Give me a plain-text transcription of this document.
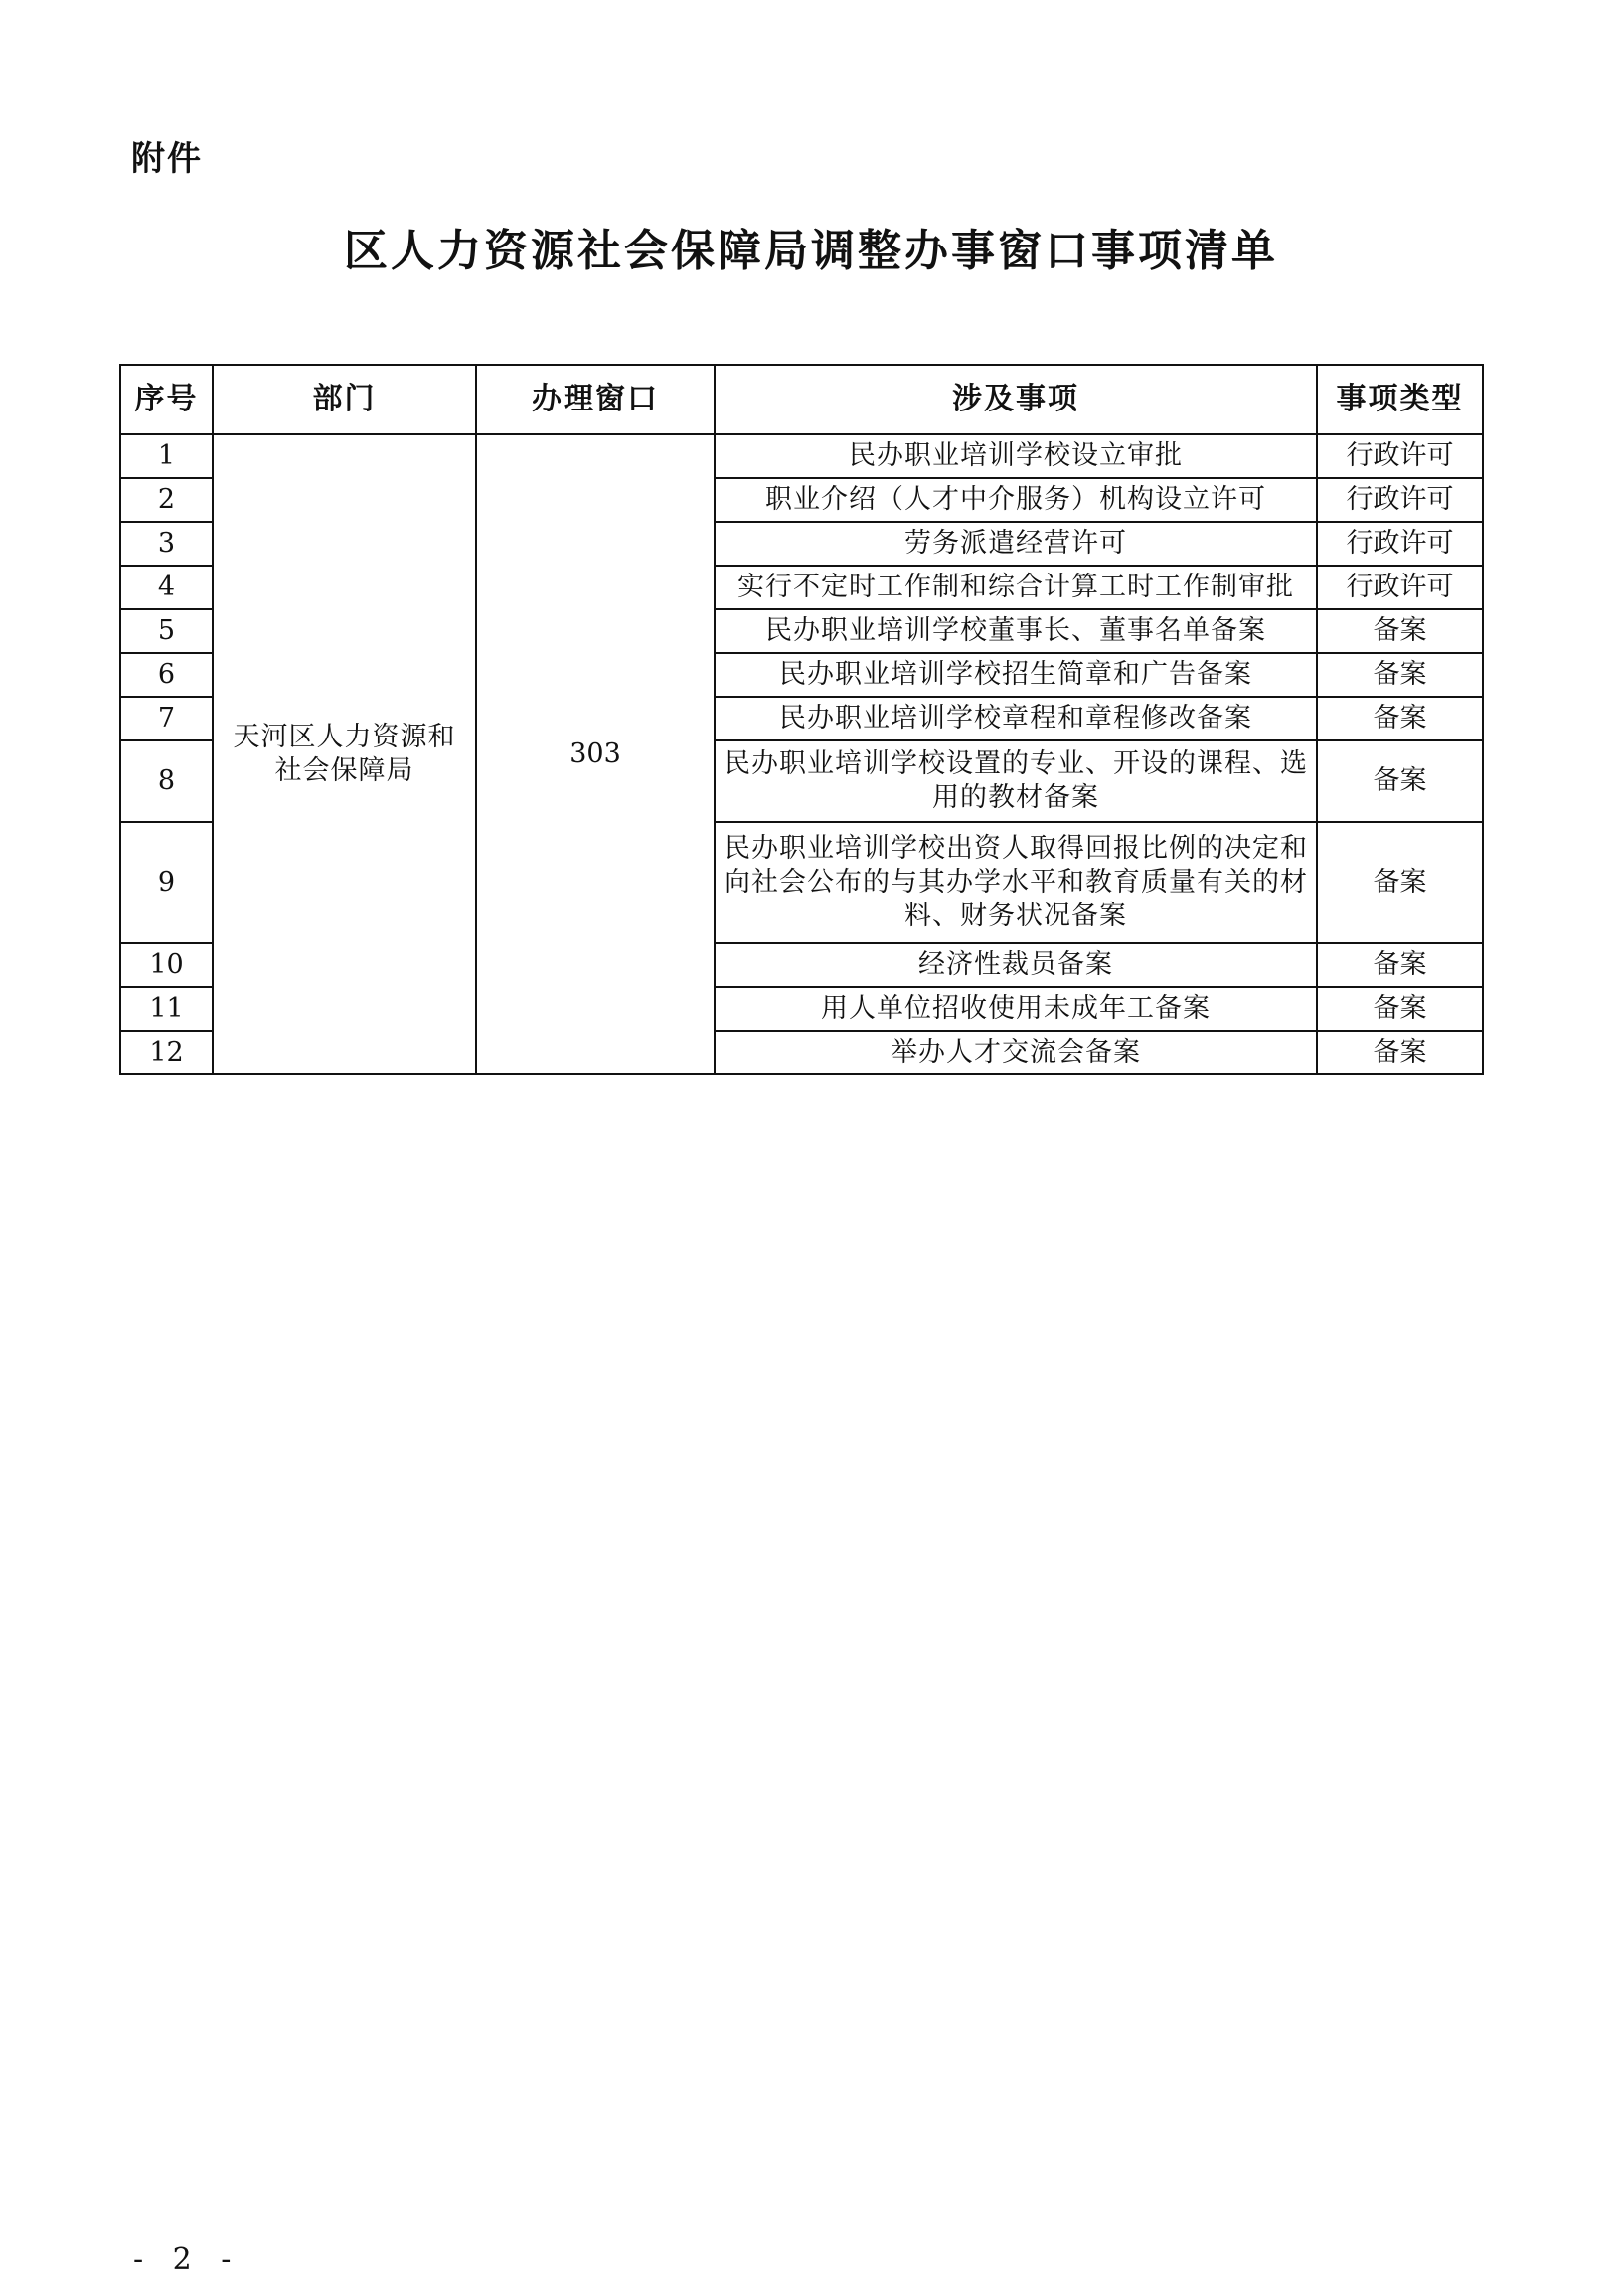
附件
区人力资源社会保障局调整办事窗口事项清单
序号	部门	办理窗口	涉及事项	事项类型
1	天河区人力资源和社会保障局	303	民办职业培训学校设立审批	行政许可
2			职业介绍（人才中介服务）机构设立许可	行政许可
3			劳务派遣经营许可	行政许可
4			实行不定时工作制和综合计算工时工作制审批	行政许可
5			民办职业培训学校董事长、董事名单备案	备案
6			民办职业培训学校招生简章和广告备案	备案
7			民办职业培训学校章程和章程修改备案	备案
8			民办职业培训学校设置的专业、开设的课程、选用的教材备案	备案
9			民办职业培训学校出资人取得回报比例的决定和向社会公布的与其办学水平和教育质量有关的材料、财务状况备案	备案
10			经济性裁员备案	备案
11			用人单位招收使用未成年工备案	备案
12			举办人才交流会备案	备案
- 2 -
